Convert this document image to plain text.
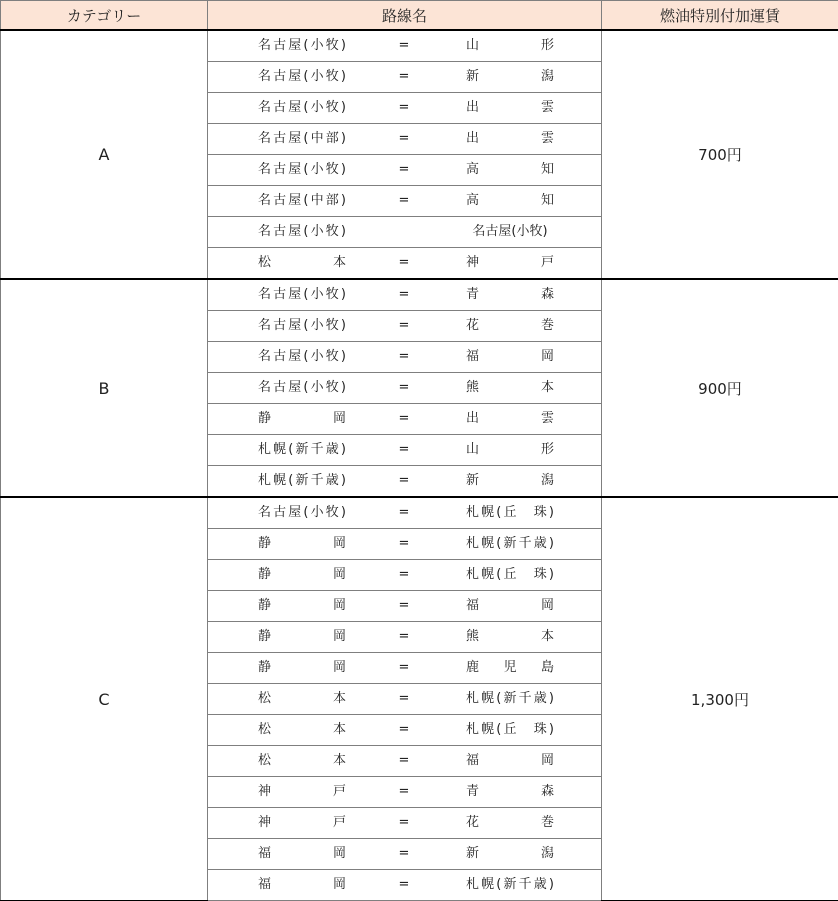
カテゴリー	路線名	燃油特別付加運賃
A	名古屋(小牧) = 山　　形	700円

	名古屋(小牧) = 新　　潟	

	名古屋(小牧) = 出　　雲	

	名古屋(中部) = 出　　雲	

	名古屋(小牧) = 高　　知	

	名古屋(中部) = 高　　知	

	名古屋(小牧) 名古屋(小牧)	

	松　　本 = 神　　戸	

B	名古屋(小牧) = 青　　森	900円

	名古屋(小牧) = 花　　巻	

	名古屋(小牧) = 福　　岡	

	名古屋(小牧) = 熊　　本	

	静　　岡 = 出　　雲	

	札幌(新千歳) = 山　　形	

	札幌(新千歳) = 新　　潟	

C	名古屋(小牧) = 札幌(丘　珠)	1,300円

	静　　岡 = 札幌(新千歳)	

	静　　岡 = 札幌(丘　珠)	

	静　　岡 = 福　　岡	

	静　　岡 = 熊　　本	

	静　　岡 = 鹿　児　島	

	松　　本 = 札幌(新千歳)	

	松　　本 = 札幌(丘　珠)	

	松　　本 = 福　　岡	

	神　　戸 = 青　　森	

	神　　戸 = 花　　巻	

	福　　岡 = 新　　潟	

	福　　岡 = 札幌(新千歳)	
